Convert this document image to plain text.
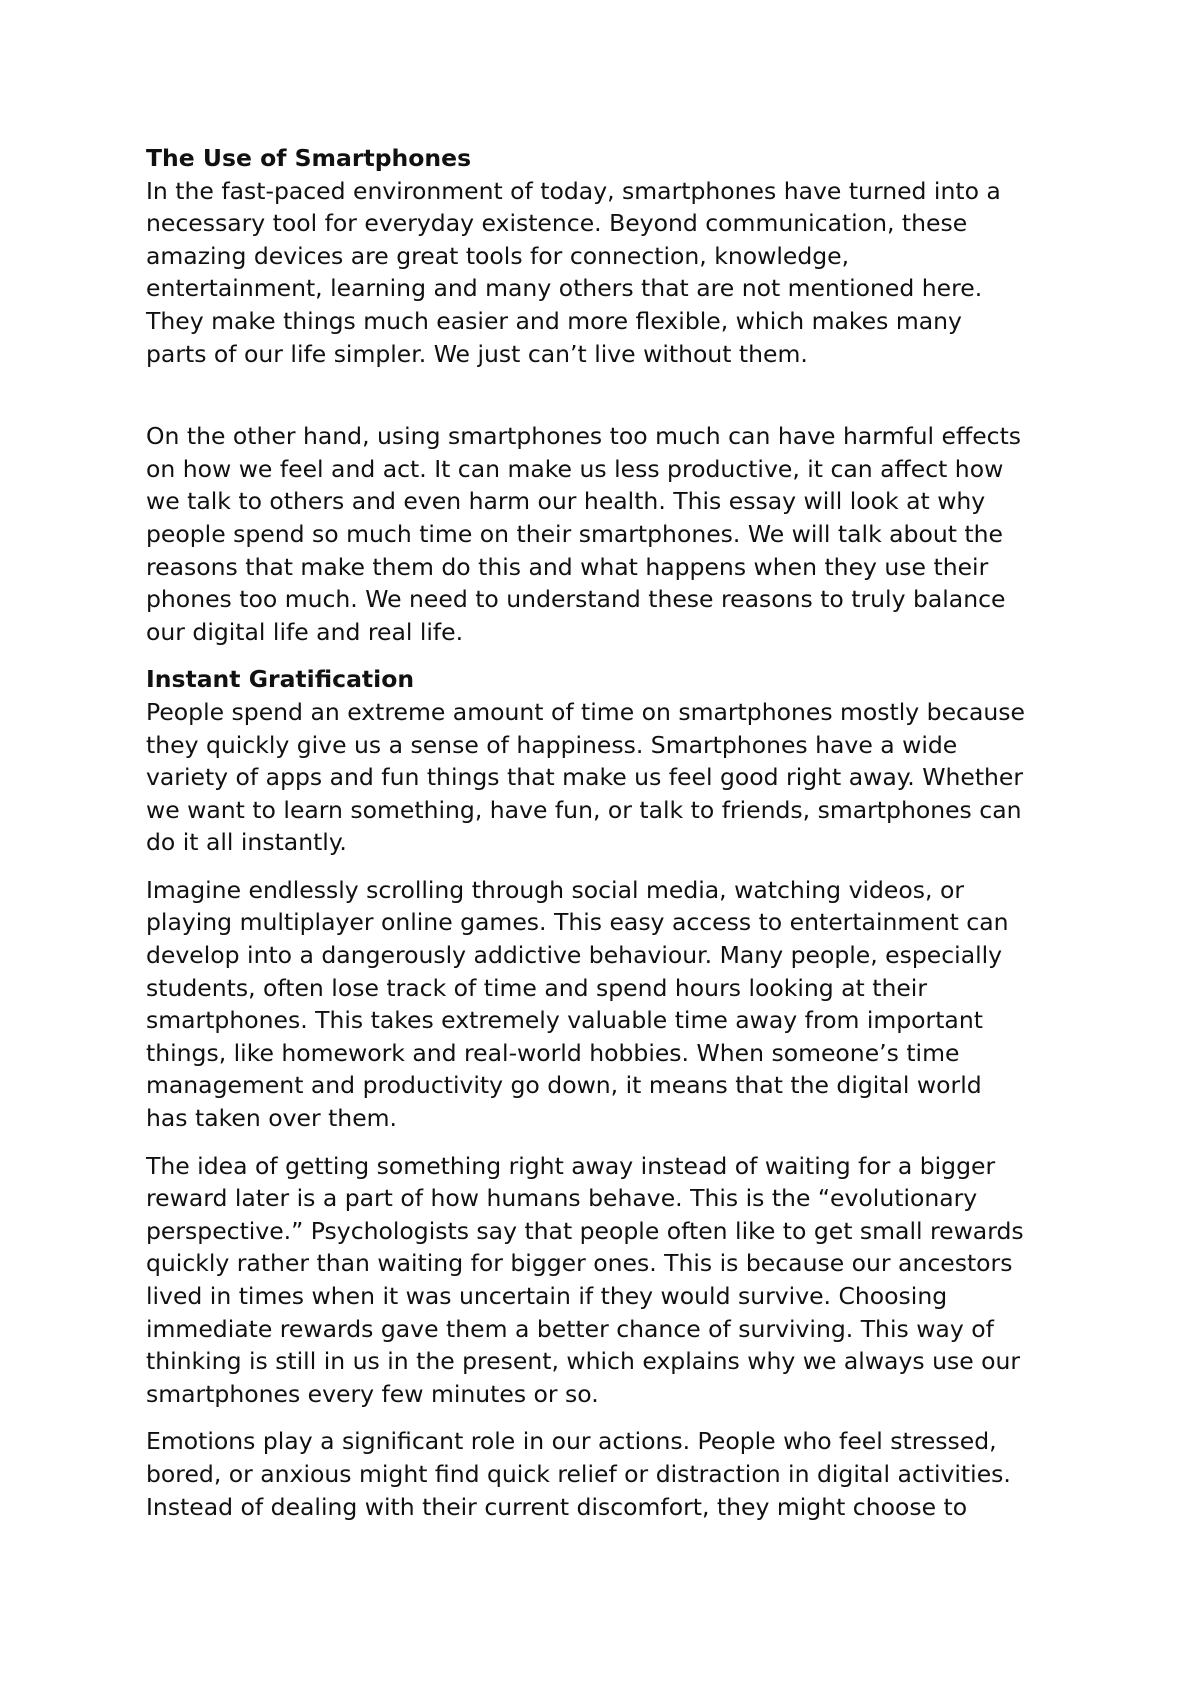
The Use of Smartphones

In the fast-paced environment of today, smartphones have turned into a
necessary tool for everyday existence. Beyond communication, these
amazing devices are great tools for connection, knowledge,
entertainment, learning and many others that are not mentioned here.
They make things much easier and more flexible, which makes many
parts of our life simpler. We just can’t live without them.

On the other hand, using smartphones too much can have harmful effects
on how we feel and act. It can make us less productive, it can affect how
we talk to others and even harm our health. This essay will look at why
people spend so much time on their smartphones. We will talk about the
reasons that make them do this and what happens when they use their
phones too much. We need to understand these reasons to truly balance
our digital life and real life.

Instant Gratification

People spend an extreme amount of time on smartphones mostly because
they quickly give us a sense of happiness. Smartphones have a wide
variety of apps and fun things that make us feel good right away. Whether
we want to learn something, have fun, or talk to friends, smartphones can
do it all instantly.

Imagine endlessly scrolling through social media, watching videos, or
playing multiplayer online games. This easy access to entertainment can
develop into a dangerously addictive behaviour. Many people, especially
students, often lose track of time and spend hours looking at their
smartphones. This takes extremely valuable time away from important
things, like homework and real-world hobbies. When someone’s time
management and productivity go down, it means that the digital world
has taken over them.

The idea of getting something right away instead of waiting for a bigger
reward later is a part of how humans behave. This is the “evolutionary
perspective.” Psychologists say that people often like to get small rewards
quickly rather than waiting for bigger ones. This is because our ancestors
lived in times when it was uncertain if they would survive. Choosing
immediate rewards gave them a better chance of surviving. This way of
thinking is still in us in the present, which explains why we always use our
smartphones every few minutes or so.

Emotions play a significant role in our actions. People who feel stressed,
bored, or anxious might find quick relief or distraction in digital activities.
Instead of dealing with their current discomfort, they might choose to
